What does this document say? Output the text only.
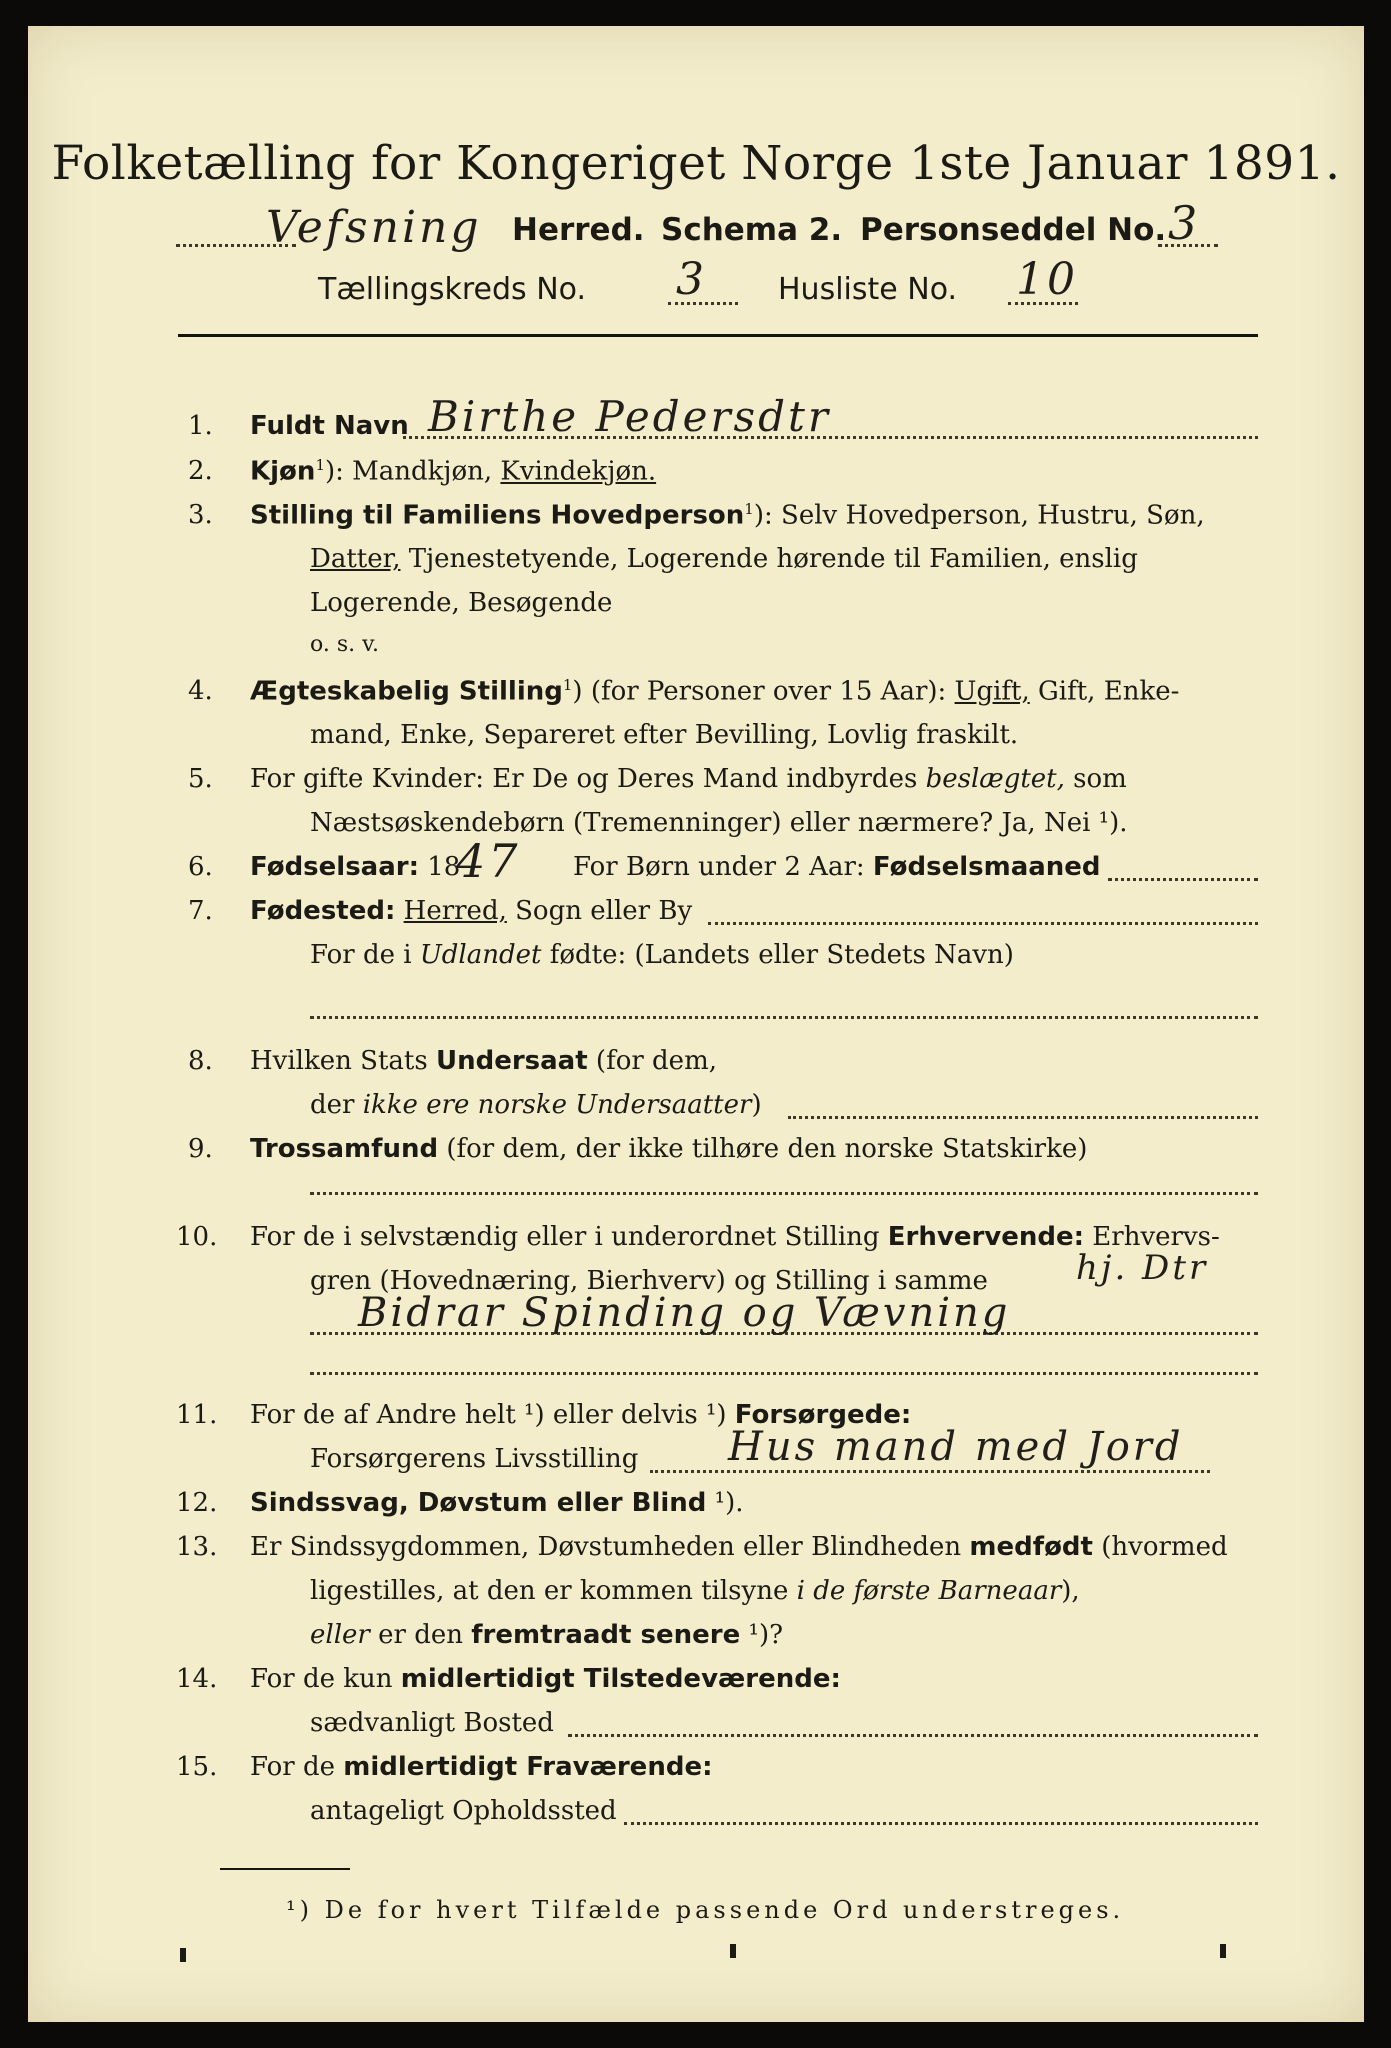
Folketælling for Kongeriget Norge 1ste Januar 1891.
Vefsning Herred. Schema 2. Personseddel No. 3
Tællingskreds No. 3 Husliste No. 10
1. Fuldt Navn Birthe Pedersdtr
2. Kjøn$^1$): Mandkjøn, Kvindekjøn.
3. Stilling til Familiens Hovedperson$^1$): Selv Hovedperson, Hustru, Søn,
Datter, Tjenestetyende, Logerende hørende til Familien, enslig
Logerende, Besøgende
o. s. v.
4. Ægteskabelig Stilling$^1$) (for Personer over 15 Aar): Ugift, Gift, Enke-
mand, Enke, Separeret efter Bevilling, Lovlig fraskilt.
5. For gifte Kvinder: Er De og Deres Mand indbyrdes beslægtet, som
Næstsøskendebørn (Tremenninger) eller nærmere? Ja, Nei ¹).
6. Fødselsaar: 18
47 For Børn under 2 Aar: Fødselsmaaned
7. Fødested: Herred, Sogn eller By
For de i Udlandet fødte: (Landets eller Stedets Navn)
8. Hvilken Stats Undersaat (for dem,
der ikke ere norske Undersaatter)
9. Trossamfund (for dem, der ikke tilhøre den norske Statskirke)
10. For de i selvstændig eller i underordnet Stilling Erhvervende: Erhvervs-
gren (Hovednæring, Bierhverv) og Stilling i samme	hj. Dtr
Bidrar Spinding og Vævning
11. For de af Andre helt ¹) eller delvis ¹) Forsørgede:
Forsørgerens Livsstilling Hus mand med Jord
12. Sindssvag, Døvstum eller Blind ¹).
13. Er Sindssygdommen, Døvstumheden eller Blindheden medfødt (hvormed
ligestilles, at den er kommen tilsyne i de første Barneaar),
eller er den fremtraadt senere ¹)?
14. For de kun midlertidigt Tilstedeværende:
sædvanligt Bosted
15. For de midlertidigt Fraværende:
antageligt Opholdssted
¹) De for hvert Tilfælde passende Ord understreges.
